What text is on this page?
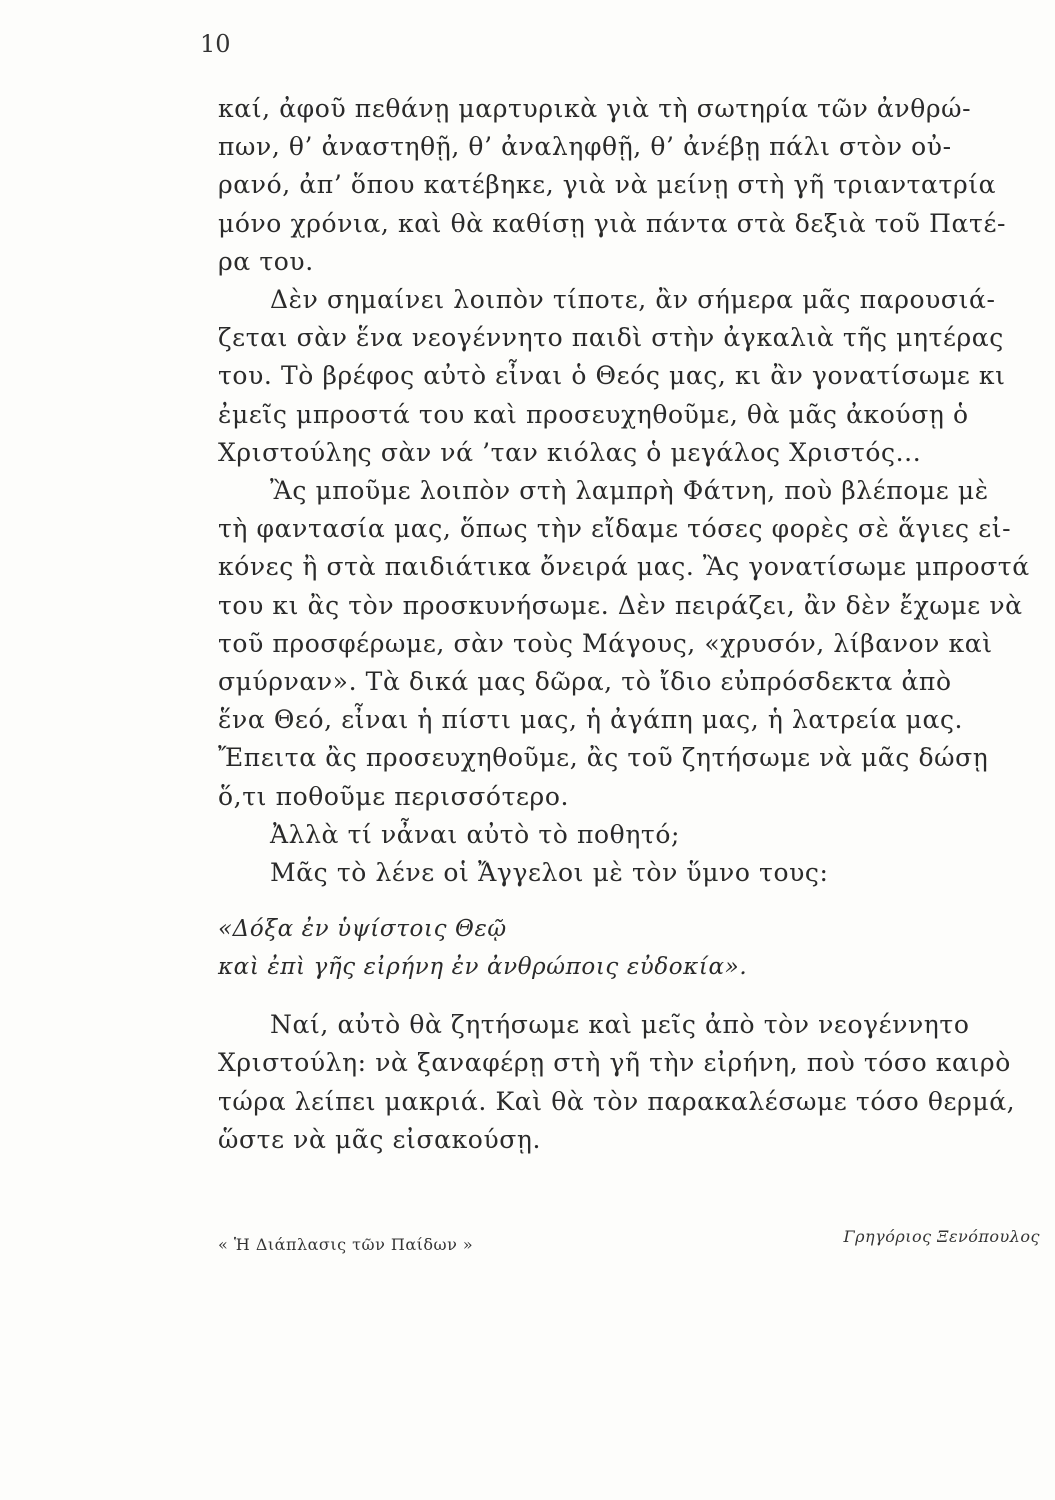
10
καί, ἀφοῦ πεθάνῃ μαρτυρικὰ γιὰ τὴ σωτηρία τῶν ἀνθρώ-
πων, θ’ ἀναστηθῇ, θ’ ἀναληφθῇ, θ’ ἀνέβῃ πάλι στὸν οὐ-
ρανό, ἀπ’ ὅπου κατέβηκε, γιὰ νὰ μείνῃ στὴ γῆ τριαντατρία
μόνο χρόνια, καὶ θὰ καθίσῃ γιὰ πάντα στὰ δεξιὰ τοῦ Πατέ-
ρα του.
Δὲν σημαίνει λοιπὸν τίποτε, ἂν σήμερα μᾶς παρουσιά-
ζεται σὰν ἕνα νεογέννητο παιδὶ στὴν ἀγκαλιὰ τῆς μητέρας
του. Τὸ βρέφος αὐτὸ εἶναι ὁ Θεός μας, κι ἂν γονατίσωμε κι
ἐμεῖς μπροστά του καὶ προσευχηθοῦμε, θὰ μᾶς ἀκούσῃ ὁ
Χριστούλης σὰν νά ’ταν κιόλας ὁ μεγάλος Χριστός...
Ἂς μποῦμε λοιπὸν στὴ λαμπρὴ Φάτνη, ποὺ βλέπομε μὲ
τὴ φαντασία μας, ὅπως τὴν εἴδαμε τόσες φορὲς σὲ ἅγιες εἰ-
κόνες ἢ στὰ παιδιάτικα ὄνειρά μας. Ἂς γονατίσωμε μπροστά
του κι ἂς τὸν προσκυνήσωμε. Δὲν πειράζει, ἂν δὲν ἔχωμε νὰ
τοῦ προσφέρωμε, σὰν τοὺς Μάγους, «χρυσόν, λίβανον καὶ
σμύρναν». Τὰ δικά μας δῶρα, τὸ ἴδιο εὐπρόσδεκτα ἀπὸ
ἕνα Θεό, εἶναι ἡ πίστι μας, ἡ ἀγάπη μας, ἡ λατρεία μας.
Ἔπειτα ἂς προσευχηθοῦμε, ἂς τοῦ ζητήσωμε νὰ μᾶς δώσῃ
ὅ,τι ποθοῦμε περισσότερο.
Ἀλλὰ τί νἆναι αὐτὸ τὸ ποθητό;
Μᾶς τὸ λένε οἱ Ἄγγελοι μὲ τὸν ὕμνο τους:
«Δόξα ἐν ὑψίστοις Θεῷ
καὶ ἐπὶ γῆς εἰρήνη ἐν ἀνθρώποις εὐδοκία».
Ναί, αὐτὸ θὰ ζητήσωμε καὶ μεῖς ἀπὸ τὸν νεογέννητο
Χριστούλη: νὰ ξαναφέρῃ στὴ γῆ τὴν εἰρήνη, ποὺ τόσο καιρὸ
τώρα λείπει μακριά. Καὶ θὰ τὸν παρακαλέσωμε τόσο θερμά,
ὥστε νὰ μᾶς εἰσακούσῃ.
« Ἡ Διάπλασις τῶν Παίδων »	Γρηγόριος Ξενόπουλος
